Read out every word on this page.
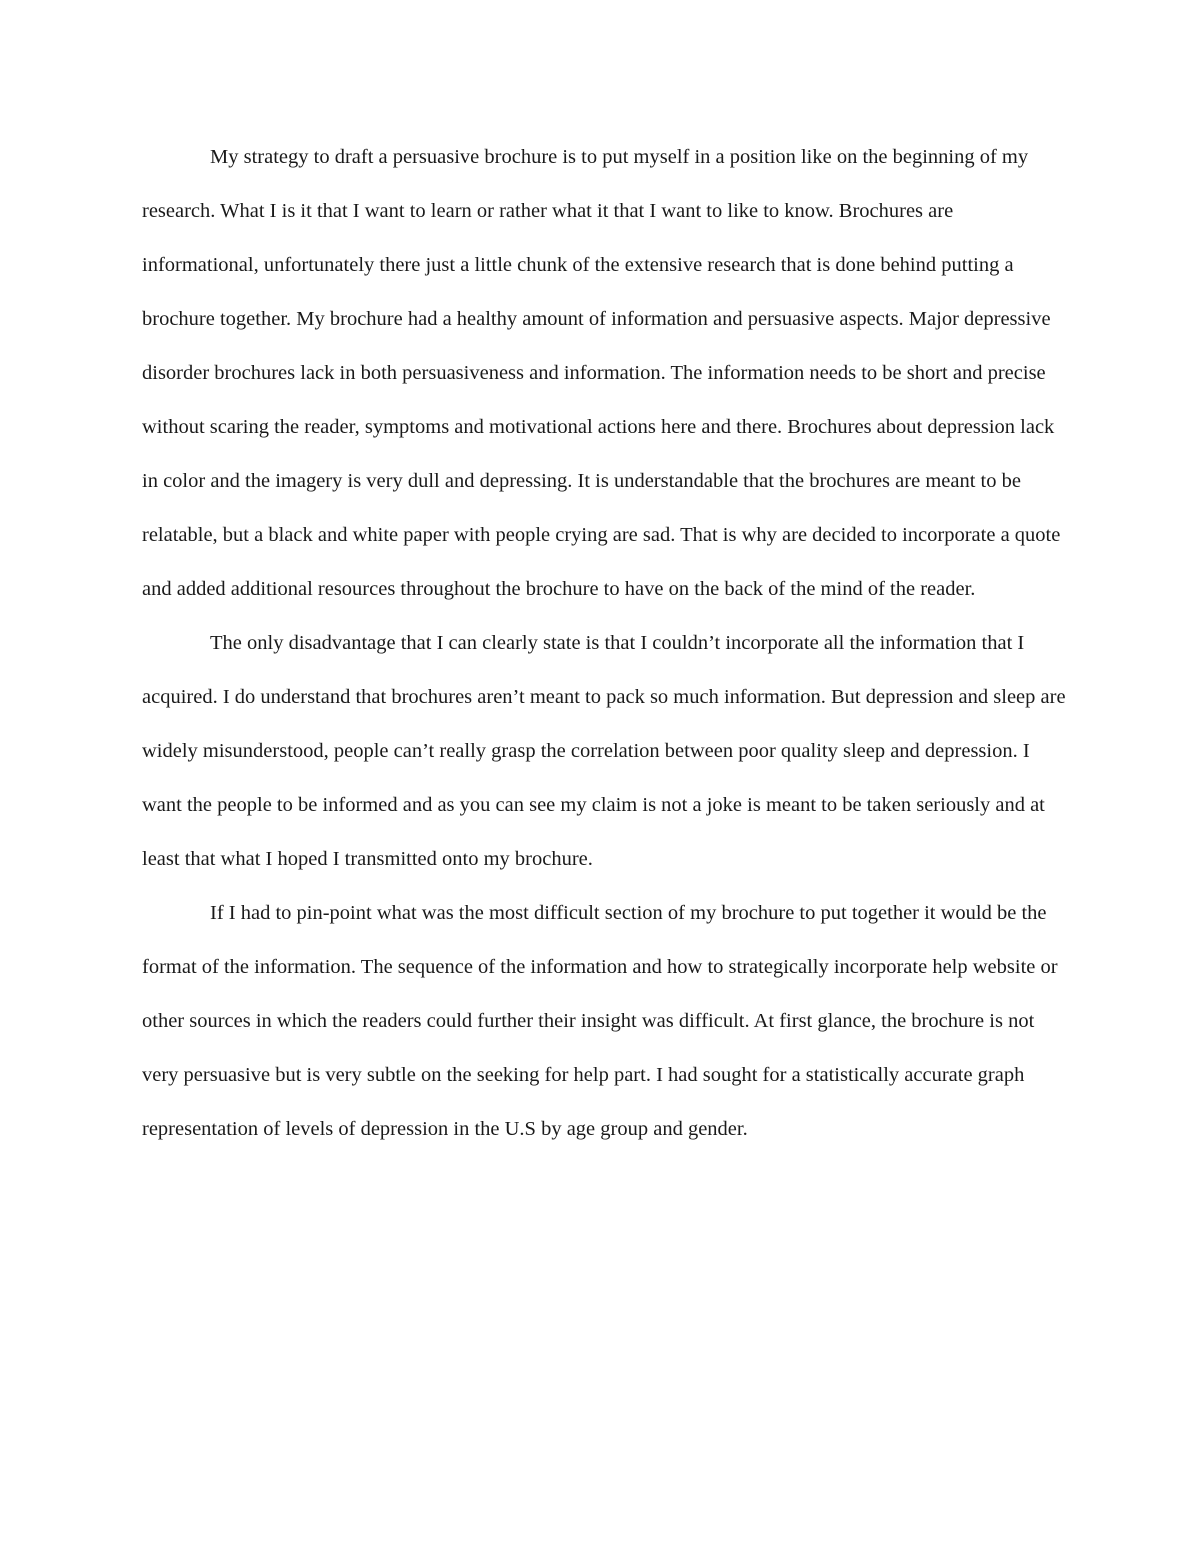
My strategy to draft a persuasive brochure is to put myself in a position like on the beginning of my research. What I is it that I want to learn or rather what it that I want to like to know. Brochures are informational, unfortunately there just a little chunk of the extensive research that is done behind putting a brochure together. My brochure had a healthy amount of information and persuasive aspects. Major depressive disorder brochures lack in both persuasiveness and information. The information needs to be short and precise without scaring the reader, symptoms and motivational actions here and there. Brochures about depression lack in color and the imagery is very dull and depressing. It is understandable that the brochures are meant to be relatable, but a black and white paper with people crying are sad. That is why are decided to incorporate a quote and added additional resources throughout the brochure to have on the back of the mind of the reader.

The only disadvantage that I can clearly state is that I couldn’t incorporate all the information that I acquired. I do understand that brochures aren’t meant to pack so much information. But depression and sleep are widely misunderstood, people can’t really grasp the correlation between poor quality sleep and depression. I want the people to be informed and as you can see my claim is not a joke is meant to be taken seriously and at least that what I hoped I transmitted onto my brochure.

If I had to pin-point what was the most difficult section of my brochure to put together it would be the format of the information. The sequence of the information and how to strategically incorporate help website or other sources in which the readers could further their insight was difficult. At first glance, the brochure is not very persuasive but is very subtle on the seeking for help part. I had sought for a statistically accurate graph representation of levels of depression in the U.S by age group and gender.
